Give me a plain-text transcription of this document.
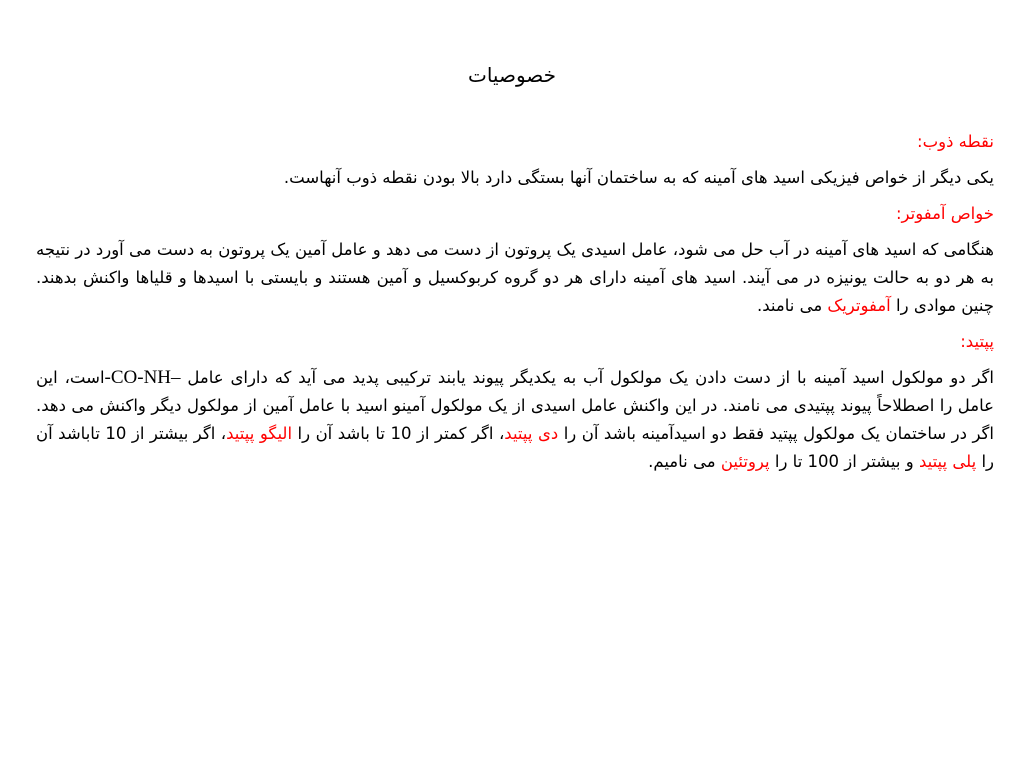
خصوصیات

نقطه ذوب:

یکی دیگر از خواص فیزیکی اسید های آمینه که به ساختمان آنها بستگی دارد بالا بودن نقطه ذوب آنهاست.

خواص آمفوتر:

هنگامی که اسید های آمینه در آب حل می شود، عامل اسیدی یک پروتون از دست می دهد و عامل آمین یک پروتون به دست می آورد در نتیجه به هر دو به حالت یونیزه در می آیند. اسید های آمینه دارای هر دو گروه کربوکسیل و آمین هستند و بایستی با اسیدها و قلیاها واکنش بدهند. چنین موادی را آمفوتریک می نامند.

پپتید:

اگر دو مولکول اسید آمینه با از دست دادن یک مولکول آب به یکدیگر پیوند یابند ترکیبی پدید می آید که دارای عامل -CO-NH–است، این عامل را اصطلاحاً پیوند پپتیدی می نامند. در این واکنش عامل اسیدی از یک مولکول آمینو اسید با عامل آمین از مولکول دیگر واکنش می دهد. اگر در ساختمان یک مولکول پپتید فقط دو اسیدآمینه باشد آن را دی پپتید، اگر کمتر از 10 تا باشد آن را الیگو پپتید، اگر بیشتر از 10 تاباشد آن را پلی پپتید و بیشتر از 100 تا را پروتئین می نامیم.
